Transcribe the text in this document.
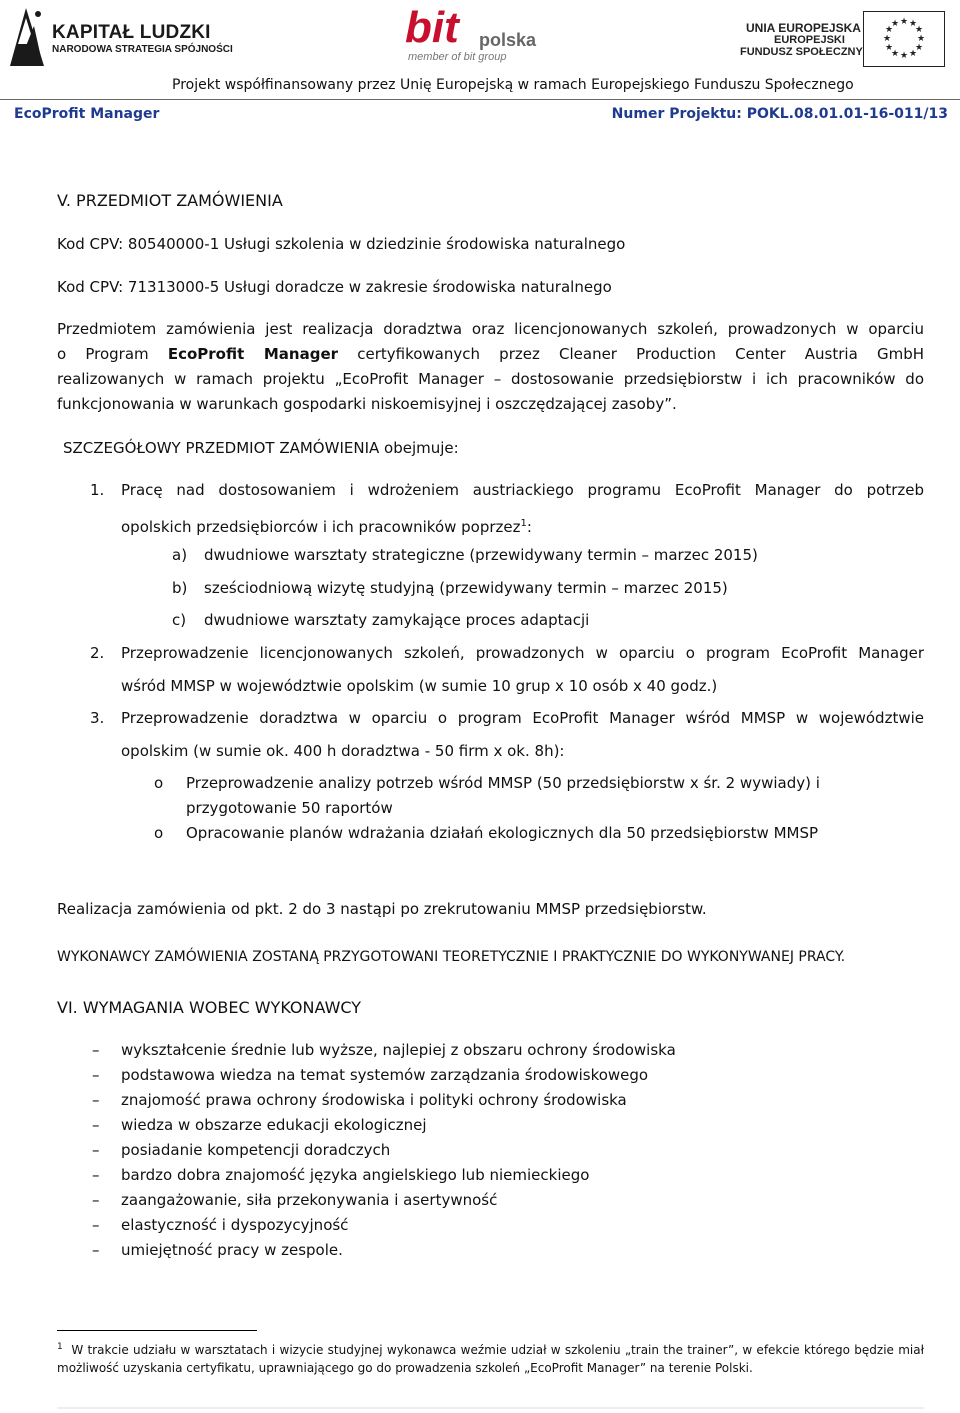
KAPITAŁ LUDZKI
NARODOWA STRATEGIA SPÓJNOŚCI	bit polska
member of bit group
UNIA EUROPEJSKA
EUROPEJSKI
FUNDUSZ SPOŁECZNY
★ ★
★
★
★
★
★
★
★
★
★
★
Projekt współfinansowany przez Unię Europejską w ramach Europejskiego Funduszu Społecznego
EcoProfit Manager	Numer Projektu: POKL.08.01.01-16-011/13
V. PRZEDMIOT ZAMÓWIENIA
Kod CPV: 80540000-1 Usługi szkolenia w dziedzinie środowiska naturalnego
Kod CPV: 71313000-5 Usługi doradcze w zakresie środowiska naturalnego
Przedmiotem zamówienia jest realizacja doradztwa oraz licencjonowanych szkoleń, prowadzonych w oparciu
o Program EcoProfit Manager certyfikowanych przez Cleaner Production Center Austria GmbH
realizowanych w ramach projektu „EcoProfit Manager – dostosowanie przedsiębiorstw i ich pracowników do
funkcjonowania w warunkach gospodarki niskoemisyjnej i oszczędzającej zasoby”.
SZCZEGÓŁOWY PRZEDMIOT ZAMÓWIENIA obejmuje:
1. Pracę nad dostosowaniem i wdrożeniem austriackiego programu EcoProfit Manager do potrzeb
opolskich przedsiębiorców i ich pracowników poprzez$^1$:
a) dwudniowe warsztaty strategiczne (przewidywany termin – marzec 2015)
b) sześciodniową wizytę studyjną (przewidywany termin – marzec 2015)
c) dwudniowe warsztaty zamykające proces adaptacji
2. Przeprowadzenie licencjonowanych szkoleń, prowadzonych w oparciu o program EcoProfit Manager
wśród MMSP w województwie opolskim (w sumie 10 grup x 10 osób x 40 godz.)
3. Przeprowadzenie doradztwa w oparciu o program EcoProfit Manager wśród MMSP w województwie
opolskim (w sumie ok. 400 h doradztwa - 50 firm x ok. 8h):
o Przeprowadzenie analizy potrzeb wśród MMSP (50 przedsiębiorstw x śr. 2 wywiady) i
przygotowanie 50 raportów
o Opracowanie planów wdrażania działań ekologicznych dla 50 przedsiębiorstw MMSP
Realizacja zamówienia od pkt. 2 do 3 nastąpi po zrekrutowaniu MMSP przedsiębiorstw.
WYKONAWCY ZAMÓWIENIA ZOSTANĄ PRZYGOTOWANI TEORETYCZNIE I PRAKTYCZNIE DO WYKONYWANEJ PRACY.
VI. WYMAGANIA WOBEC WYKONAWCY
–	wykształcenie średnie lub wyższe, najlepiej z obszaru ochrony środowiska
–	podstawowa wiedza na temat systemów zarządzania środowiskowego
–	znajomość prawa ochrony środowiska i polityki ochrony środowiska
–	wiedza w obszarze edukacji ekologicznej
–	posiadanie kompetencji doradczych
–	bardzo dobra znajomość języka angielskiego lub niemieckiego
–	zaangażowanie, siła przekonywania i asertywność
–	elastyczność i dyspozycyjność
–	umiejętność pracy w zespole.
$^1$ W trakcie udziału w warsztatach i wizycie studyjnej wykonawca weźmie udział w szkoleniu „train the trainer”, w efekcie którego będzie miał możliwość uzyskania certyfikatu, uprawniającego go do prowadzenia szkoleń „EcoProfit Manager” na terenie Polski.
